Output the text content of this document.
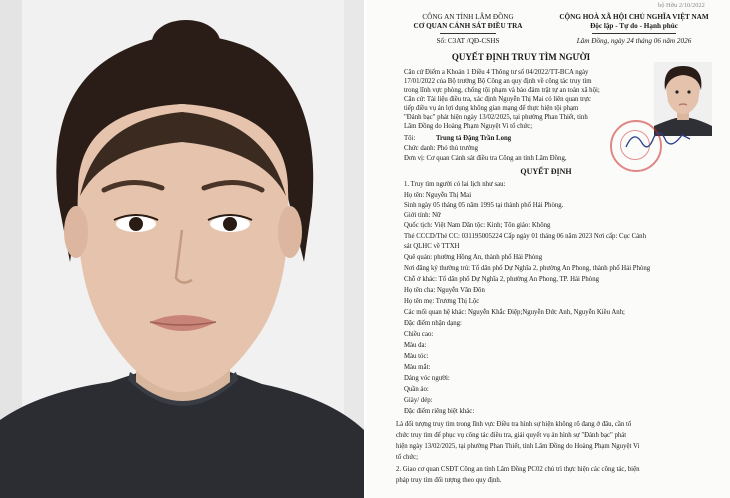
bộ Hữu 2/10/2022
CÔNG AN TỈNH LÂM ĐỒNG
CƠ QUAN CẢNH SÁT ĐIỀU TRA
Số: C3AT /QĐ-CSHS
CỘNG HOÀ XÃ HỘI CHỦ NGHĨA VIỆT NAM
Độc lập - Tự do - Hạnh phúc
Lâm Đồng, ngày 24 tháng 06 năm 2026
QUYẾT ĐỊNH TRUY TÌM NGƯỜI
Căn cứ Điểm a Khoản 1 Điều 4 Thông tư số 04/2022/TT-BCA ngày
17/01/2022 của Bộ trưởng Bộ Công an quy định về công tác truy tìm
trong lĩnh vực phòng, chống tội phạm và bảo đảm trật tự an toàn xã hội;
Căn cứ: Tài liệu điều tra, xác định Nguyễn Thị Mai có liên quan trực
tiếp điều vụ án lợi dụng không gian mạng để thực hiện tội phạm
"Đánh bạc" phát hiện ngày 13/02/2025, tại phường Phan Thiết, tỉnh
Lâm Đồng do Hoàng Phạm Nguyệt Vi tổ chức;
Tôi:	Trung tá Đặng Trần Long
Chức danh: Phó thủ trưởng
Đơn vị: Cơ quan Cảnh sát điều tra Công an tỉnh Lâm Đồng,
QUYẾT ĐỊNH
1. Truy tìm người có lai lịch như sau:
Họ tên: Nguyễn Thị Mai
Sinh ngày 05 tháng 05 năm 1995 tại thành phố Hải Phòng.
Giới tính: Nữ
Quốc tịch: Việt Nam Dân tộc: Kinh; Tôn giáo: Không
Thẻ CCCD/Thẻ CC: 031195005224 Cấp ngày 01 tháng 06 năm 2023 Nơi cấp: Cục Cảnh
sát QLHC về TTXH
Quê quán: phường Hồng An, thành phố Hải Phòng
Nơi đăng ký thường trú: Tổ dân phố Dự Nghĩa 2, phường An Phong, thành phố Hải Phòng
Chỗ ở khác: Tổ dân phố Dự Nghĩa 2, phường An Phong, TP. Hải Phòng
Họ tên cha: Nguyễn Văn Đôn
Họ tên mẹ: Trương Thị Lộc
Các mối quan hệ khác: Nguyễn Khắc Điệp;Nguyễn Đức Anh, Nguyễn Kiều Anh;
Đặc điểm nhận dạng:
Chiều cao:
Màu da:
Màu tóc:
Màu mắt:
Dáng vóc người:
Quần áo:
Giày/ dép:
Đặc điểm riêng biệt khác:
Là đối tượng truy tìm trong lĩnh vực Điều tra hình sự hiện không rõ đang ở đâu, cần tổ
chức truy tìm để phục vụ công tác điều tra, giải quyết vụ án hình sự "Đánh bạc" phát
hiện ngày 13/02/2025, tại phường Phan Thiết, tỉnh Lâm Đồng do Hoàng Phạm Nguyệt Vi
tổ chức;
2. Giao cơ quan CSĐT Công an tỉnh Lâm Đồng PC02 chủ trì thực hiện các công tác, biện
pháp truy tìm đối tượng theo quy định.
